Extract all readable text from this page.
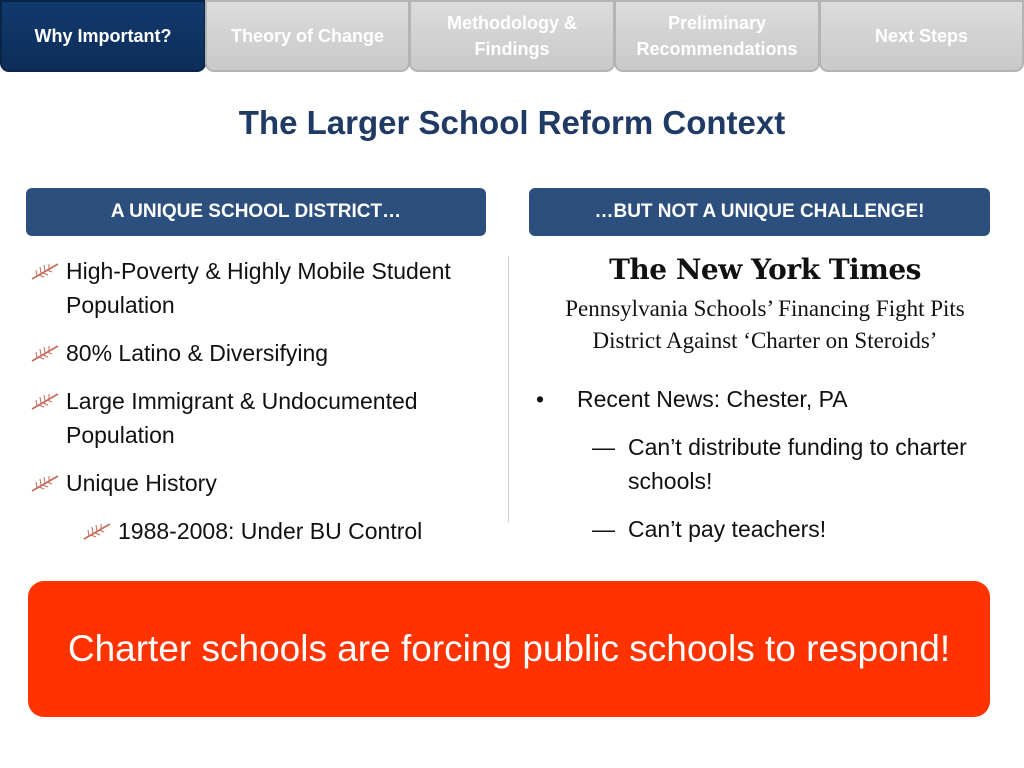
Why Important?	Theory of Change
Methodology &
Findings
Preliminary
Recommendations
Next Steps
The Larger School Reform Context
A UNIQUE SCHOOL DISTRICT…	…BUT NOT A UNIQUE CHALLENGE!
High-Poverty & Highly Mobile Student Population
80% Latino & Diversifying
Large Immigrant & Undocumented Population
Unique History
1988-2008: Under BU Control
The New York Times
Pennsylvania Schools’ Financing Fight Pits District Against ‘Charter on Steroids’
• Recent News: Chester, PA
— Can’t distribute funding to charter schools!
— Can’t pay teachers!
Charter schools are forcing public schools to respond!
